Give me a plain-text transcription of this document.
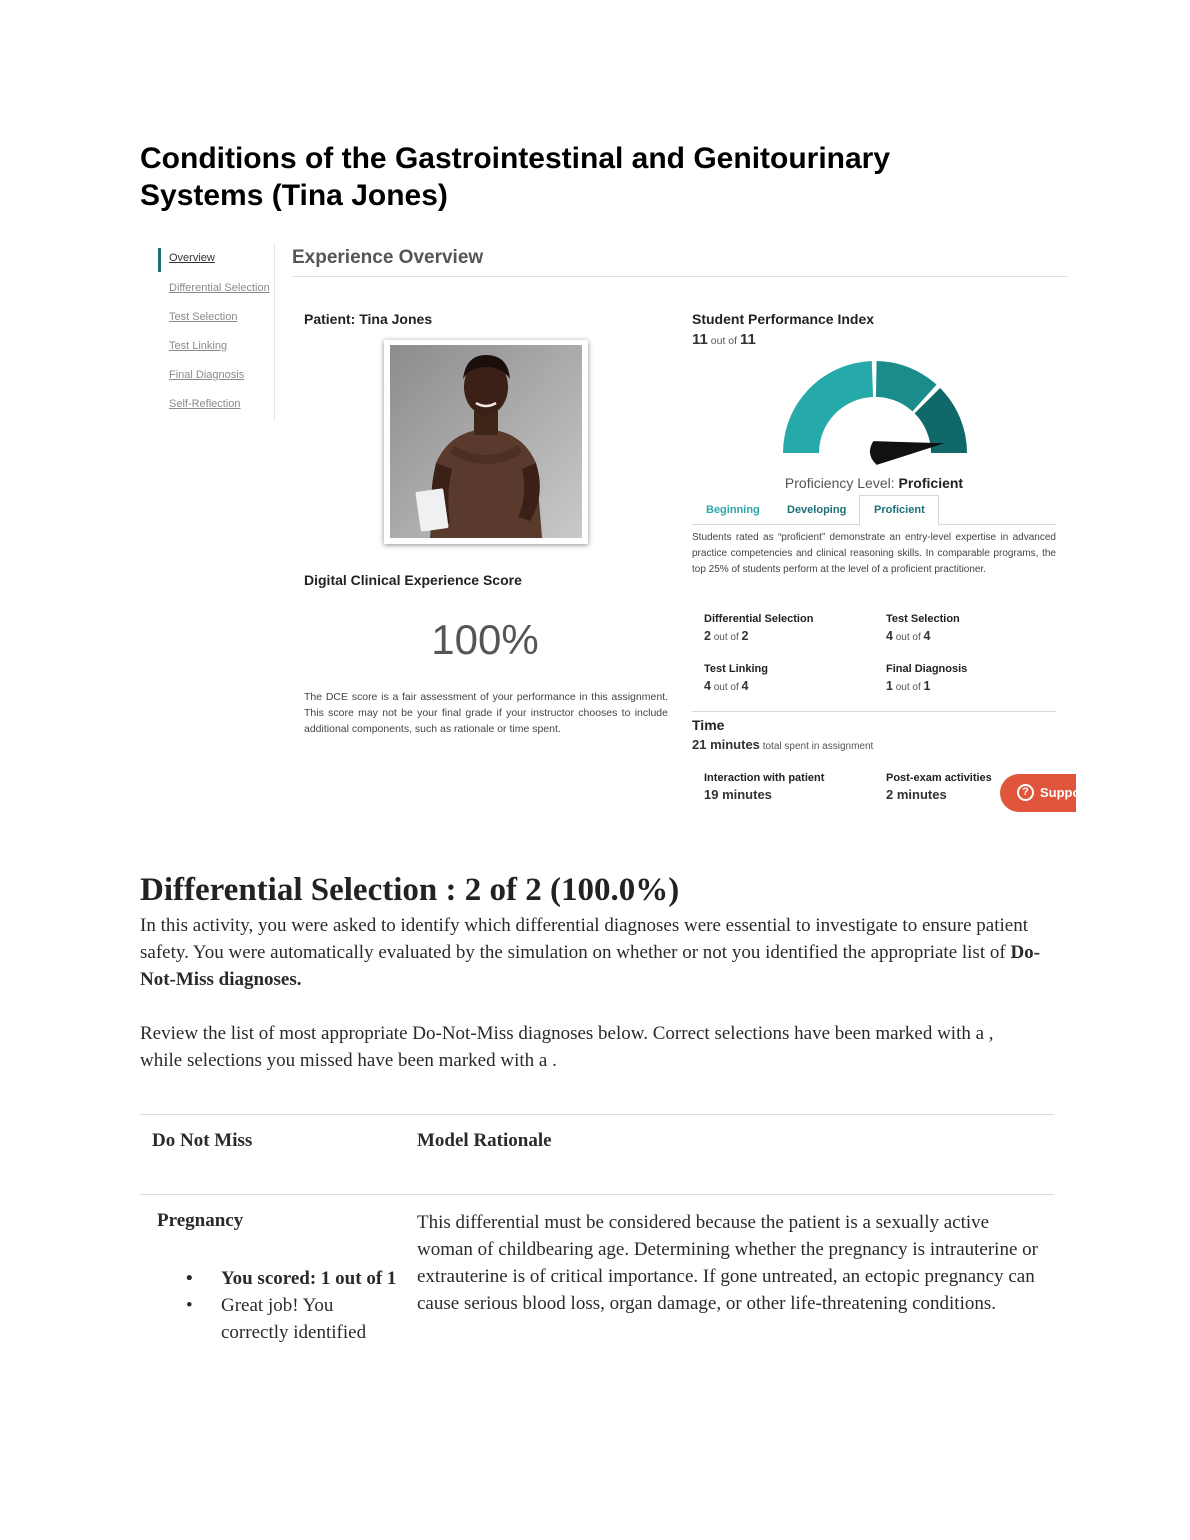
Conditions of the Gastrointestinal and Genitourinary Systems (Tina Jones)
Overview
Differential Selection
Test Selection
Test Linking
Final Diagnosis
Self-Reflection
Experience Overview
Patient: Tina Jones
Digital Clinical Experience Score
100%
The DCE score is a fair assessment of your performance in this assignment. This score may not be your final grade if your instructor chooses to include additional components, such as rationale or time spent.
Student Performance Index
11 out of 11
Proficiency Level: Proficient
Beginning Developing	Proficient
Students rated as “proficient” demonstrate an entry-level expertise in advanced practice competencies and clinical reasoning skills. In comparable programs, the top 25% of students perform at the level of a proficient practitioner.
Differential Selection
2 out of 2
Test Selection
4 out of 4
Test Linking
4 out of 4
Final Diagnosis
1 out of 1
Time
21 minutes total spent in assignment
Interaction with patient
19 minutes
Post-exam activities
2 minutes	? Suppo
Differential Selection : 2 of 2 (100.0%)
In this activity, you were asked to identify which differential diagnoses were essential to investigate to ensure patient safety. You were automatically evaluated by the simulation on whether or not you identified the appropriate list of Do-Not-Miss diagnoses.
Review the list of most appropriate Do-Not-Miss diagnoses below. Correct selections have been marked with a , while selections you missed have been marked with a .
Do Not Miss	Model Rationale
Pregnancy
• You scored: 1 out of 1
• Great job! You correctly identified
This differential must be considered because the patient is a sexually active woman of childbearing age. Determining whether the pregnancy is intrauterine or extrauterine is of critical importance. If gone untreated, an ectopic pregnancy can cause serious blood loss, organ damage, or other life-threatening conditions.
